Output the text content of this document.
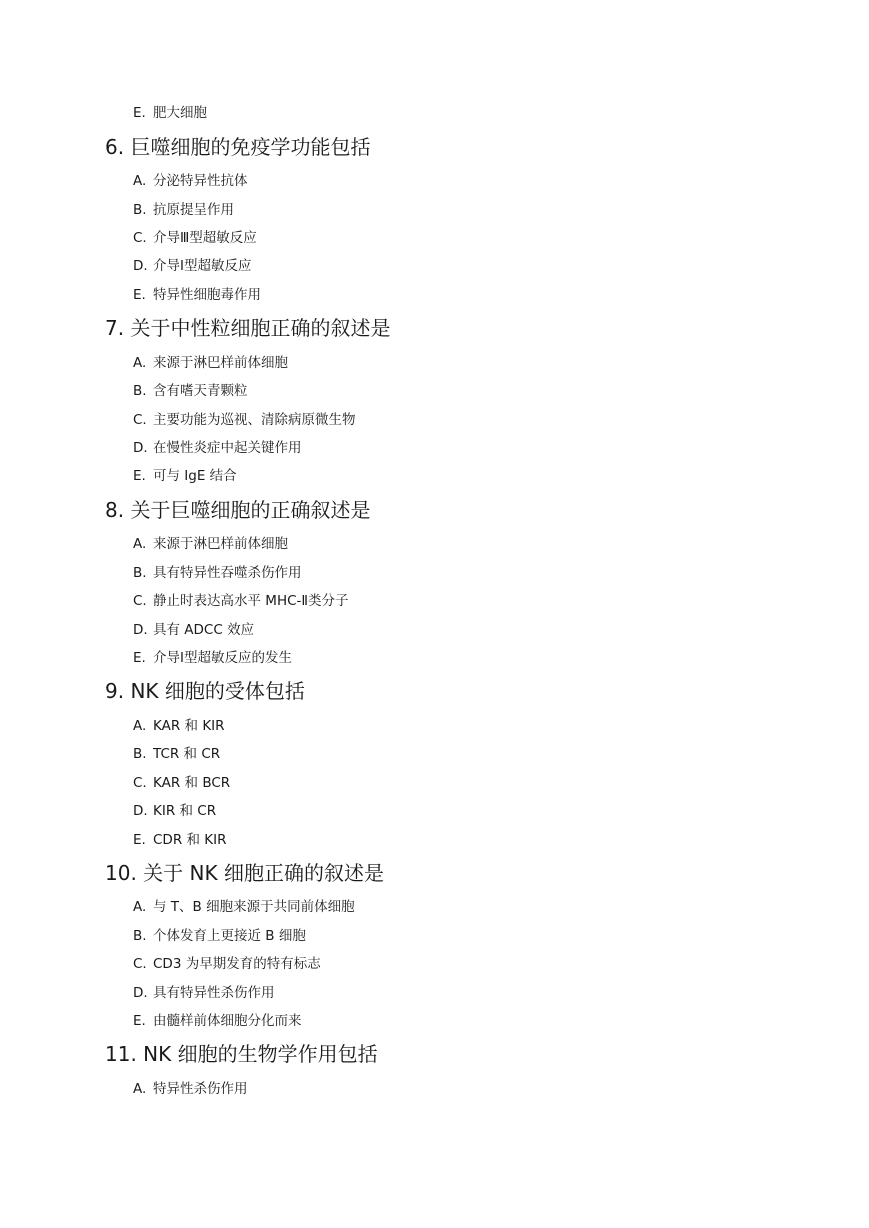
E. 肥大细胞
6. 巨噬细胞的免疫学功能包括
A. 分泌特异性抗体
B. 抗原提呈作用
C. 介导Ⅲ型超敏反应
D. 介导Ⅰ型超敏反应
E. 特异性细胞毒作用
7. 关于中性粒细胞正确的叙述是
A. 来源于淋巴样前体细胞
B. 含有嗜天青颗粒
C. 主要功能为巡视、清除病原微生物
D. 在慢性炎症中起关键作用
E. 可与 IgE 结合
8. 关于巨噬细胞的正确叙述是
A. 来源于淋巴样前体细胞
B. 具有特异性吞噬杀伤作用
C. 静止时表达高水平 MHC-Ⅱ类分子
D. 具有 ADCC 效应
E. 介导Ⅰ型超敏反应的发生
9. NK 细胞的受体包括
A. KAR 和 KIR
B. TCR 和 CR
C. KAR 和 BCR
D. KIR 和 CR
E. CDR 和 KIR
10. 关于 NK 细胞正确的叙述是
A. 与 T、B 细胞来源于共同前体细胞
B. 个体发育上更接近 B 细胞
C. CD3 为早期发育的特有标志
D. 具有特异性杀伤作用
E. 由髓样前体细胞分化而来
11. NK 细胞的生物学作用包括
A. 特异性杀伤作用
